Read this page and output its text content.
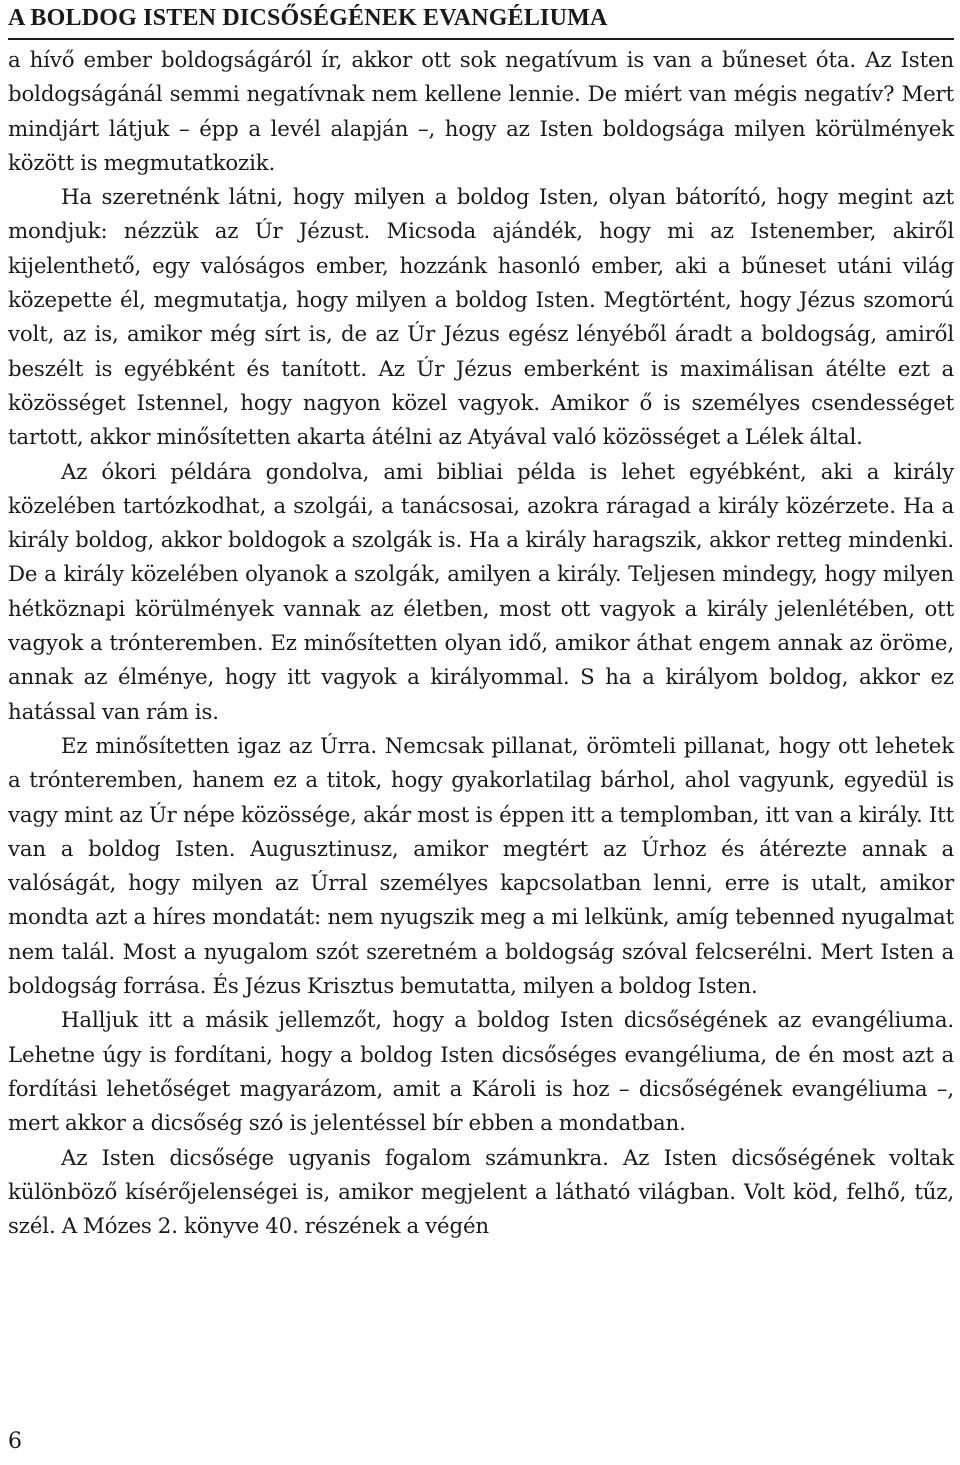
A BOLDOG ISTEN DICSŐSÉGÉNEK EVANGÉLIUMA

a hívő ember boldogságáról ír, akkor ott sok negatívum is van a bűneset óta. Az Isten boldogságánál semmi negatívnak nem kellene lennie. De miért van mégis negatív? Mert mindjárt látjuk – épp a levél alapján –, hogy az Isten boldogsága milyen körülmények között is megmutatkozik.

Ha szeretnénk látni, hogy milyen a boldog Isten, olyan bátorító, hogy megint azt mondjuk: nézzük az Úr Jézust. Micsoda ajándék, hogy mi az Istenember, akiről kijelenthető, egy valóságos ember, hozzánk hasonló ember, aki a bűneset utáni világ közepette él, megmutatja, hogy milyen a boldog Isten. Megtörtént, hogy Jézus szomorú volt, az is, amikor még sírt is, de az Úr Jézus egész lényéből áradt a boldogság, amiről beszélt is egyébként és tanított. Az Úr Jézus emberként is maximálisan átélte ezt a közösséget Istennel, hogy nagyon közel vagyok. Amikor ő is személyes csendességet tartott, akkor minősítetten akarta átélni az Atyával való közösséget a Lélek által.

Az ókori példára gondolva, ami bibliai példa is lehet egyébként, aki a király közelében tartózkodhat, a szolgái, a tanácsosai, azokra ráragad a király közérzete. Ha a király boldog, akkor boldogok a szolgák is. Ha a király haragszik, akkor retteg mindenki. De a király közelében olyanok a szolgák, amilyen a király. Teljesen mindegy, hogy milyen hétköznapi körülmények vannak az életben, most ott vagyok a király jelenlétében, ott vagyok a trónteremben. Ez minősítetten olyan idő, amikor áthat engem annak az öröme, annak az élménye, hogy itt vagyok a királyommal. S ha a királyom boldog, akkor ez hatással van rám is.

Ez minősítetten igaz az Úrra. Nemcsak pillanat, örömteli pillanat, hogy ott lehetek a trónteremben, hanem ez a titok, hogy gyakorlatilag bárhol, ahol vagyunk, egyedül is vagy mint az Úr népe közössége, akár most is éppen itt a templomban, itt van a király. Itt van a boldog Isten. Augusztinusz, amikor megtért az Úrhoz és átérezte annak a valóságát, hogy milyen az Úrral személyes kapcsolatban lenni, erre is utalt, amikor mondta azt a híres mondatát: nem nyugszik meg a mi lelkünk, amíg tebenned nyugalmat nem talál. Most a nyugalom szót szeretném a boldogság szóval felcserélni. Mert Isten a boldogság forrása. És Jézus Krisztus bemutatta, milyen a boldog Isten.

Halljuk itt a másik jellemzőt, hogy a boldog Isten dicsőségének az evangéliuma. Lehetne úgy is fordítani, hogy a boldog Isten dicsőséges evangéliuma, de én most azt a fordítási lehetőséget magyarázom, amit a Károli is hoz – dicsőségének evangéliuma –, mert akkor a dicsőség szó is jelentéssel bír ebben a mondatban.

Az Isten dicsősége ugyanis fogalom számunkra. Az Isten dicsőségének voltak különböző kísérőjelenségei is, amikor megjelent a látható világban. Volt köd, felhő, tűz, szél. A Mózes 2. könyve 40. részének a végén

6
